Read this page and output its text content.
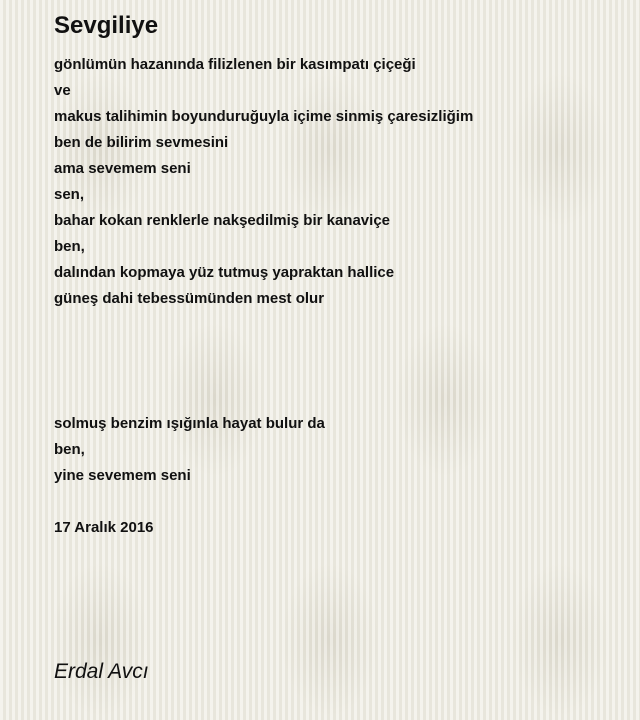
Sevgiliye
gönlümün hazanında filizlenen bir kasımpatı çiçeği
ve
makus talihimin boyunduruğuyla içime sinmiş çaresizliğim
ben de bilirim sevmesini
ama sevemem seni
sen,
bahar kokan renklerle nakşedilmiş bir kanaviçe
ben,
dalından kopmaya yüz tutmuş yapraktan hallice
güneş dahi tebessümünden mest olur
solmuş benzim ışığınla hayat bulur da
ben,
yine sevemem seni

17 Aralık 2016

Erdal Avcı
